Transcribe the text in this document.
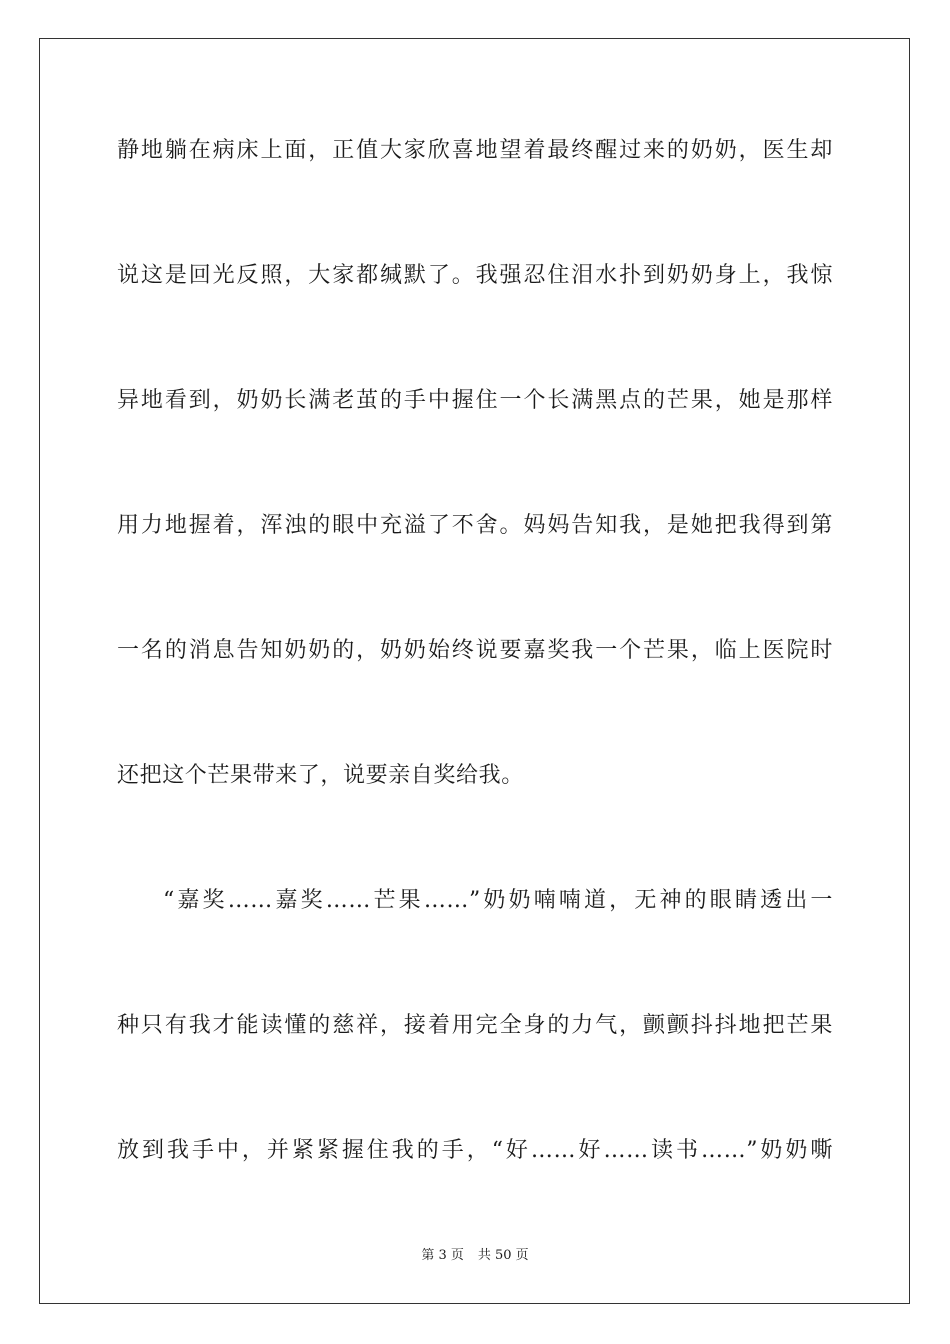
静地躺在病床上面，正值大家欣喜地望着最终醒过来的奶奶，医生却

说这是回光反照，大家都缄默了。我强忍住泪水扑到奶奶身上，我惊

异地看到，奶奶长满老茧的手中握住一个长满黑点的芒果，她是那样

用力地握着，浑浊的眼中充溢了不舍。妈妈告知我，是她把我得到第

一名的消息告知奶奶的，奶奶始终说要嘉奖我一个芒果，临上医院时

还把这个芒果带来了，说要亲自奖给我。

“嘉奖……嘉奖……芒果……”奶奶喃喃道，无神的眼睛透出一

种只有我才能读懂的慈祥，接着用完全身的力气，颤颤抖抖地把芒果

放到我手中，并紧紧握住我的手，“好……好……读书……”奶奶嘶

第 3 页 共 50 页
